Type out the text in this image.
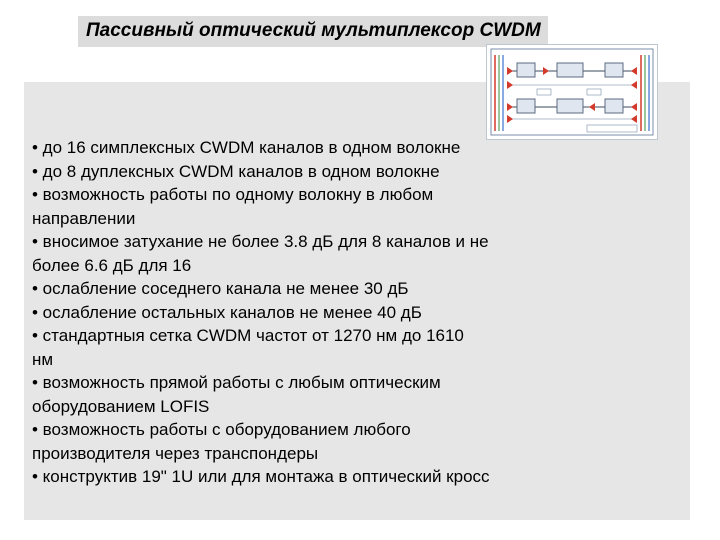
Пассивный оптический мультиплексор CWDM
• до 16 симплексных CWDM каналов в одном волокне
• до 8 дуплексных CWDM каналов в одном волокне
• возможность работы по одному волокну в любом
направлении
• вносимое затухание не более 3.8 дБ для 8 каналов и не
более 6.6 дБ для 16
• ослабление соседнего канала не менее 30 дБ
• ослабление остальных каналов не менее 40 дБ
• стандартныя сетка CWDM частот от 1270 нм до 1610
нм
• возможность прямой работы с любым оптическим
оборудованием LOFIS
• возможность работы с оборудованием любого
производителя через транспондеры
• конструктив 19" 1U или для монтажа в оптический кросс
